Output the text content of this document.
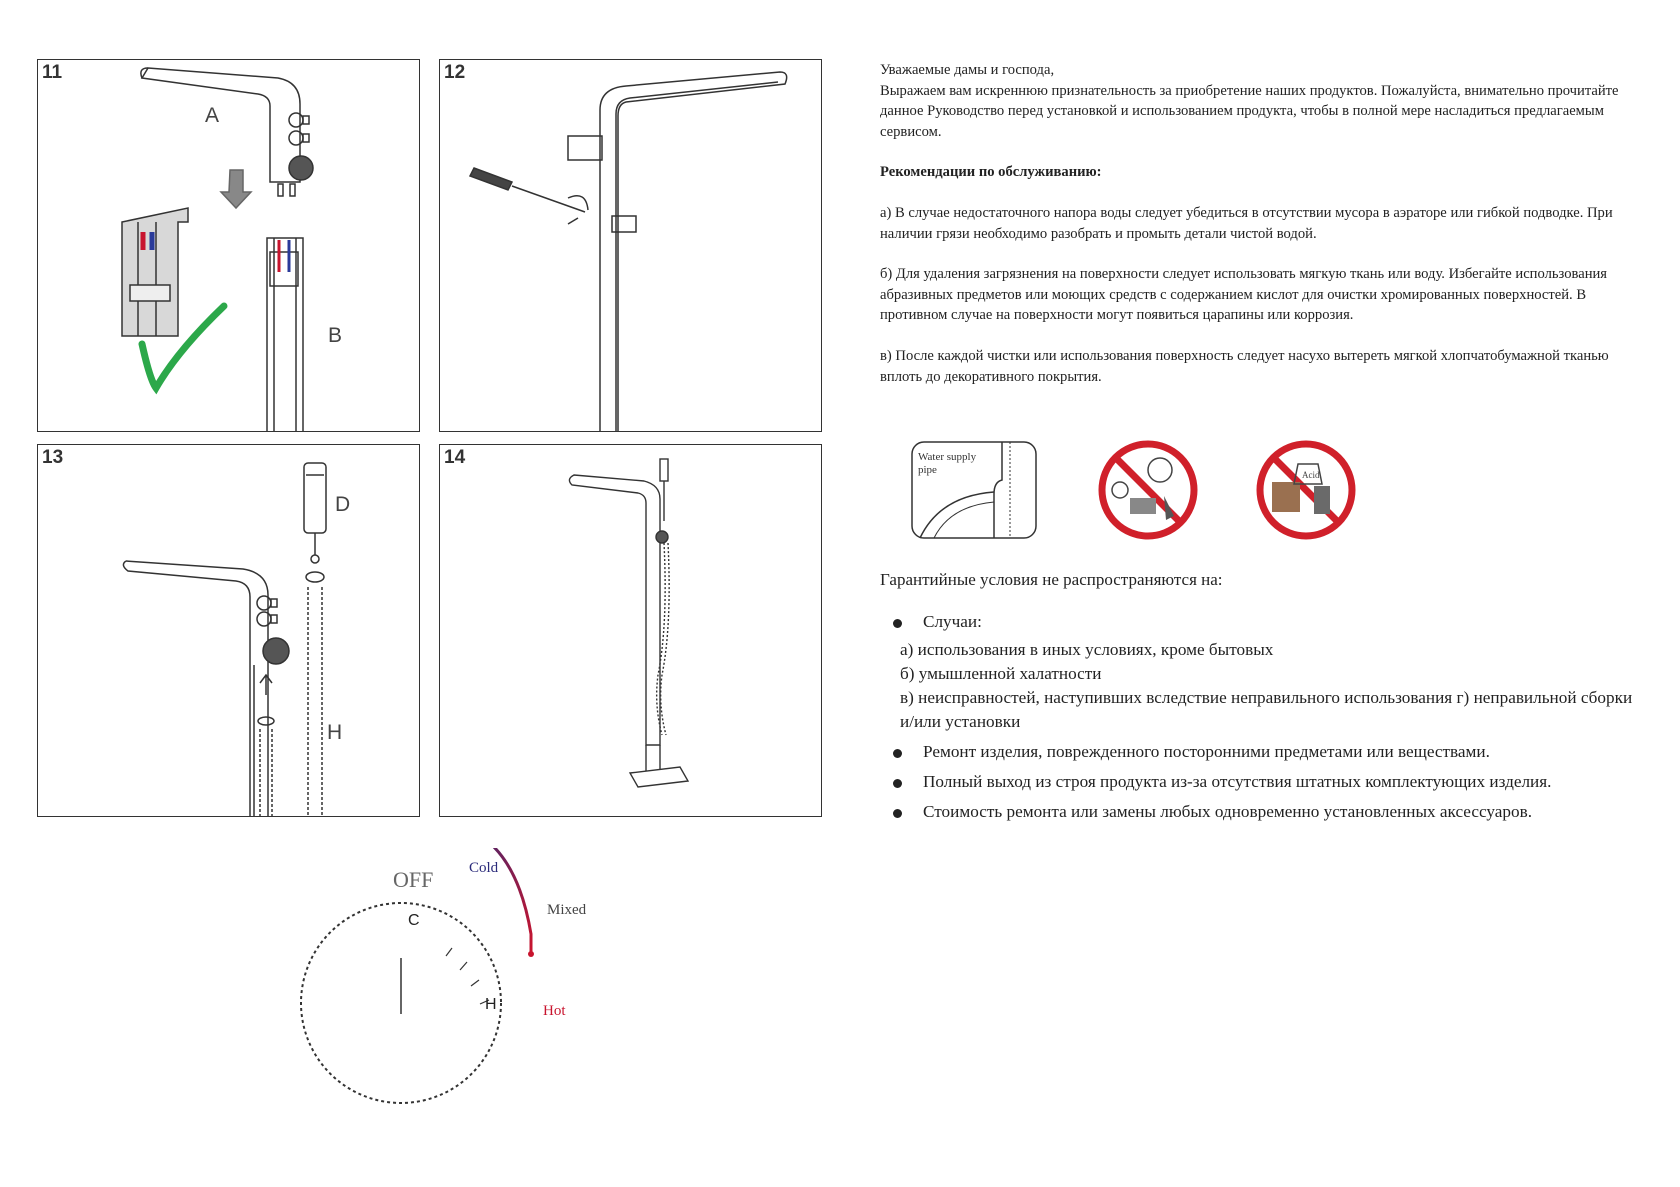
11
A
B
12
13
D
H
14
OFF Cold
Mixed
Hot
C
H

Уважаемые дамы и господа,

Выражаем вам искреннюю признательность за приобретение наших продуктов. Пожалуйста, внимательно прочитайте данное Руководство перед установкой и использованием продукта, чтобы в полной мере насладиться предлагаемым сервисом.

Рекомендации по обслуживанию:

а) В случае недостаточного напора воды следует убедиться в отсутствии мусора в аэраторе или гибкой подводке. При наличии грязи необходимо разобрать и промыть детали чистой водой.

б) Для удаления загрязнения на поверхности следует использовать мягкую ткань или воду. Избегайте использования абразивных предметов или моющих средств с содержанием кислот для очистки хромированных поверхностей. В противном случае на поверхности могут появиться царапины или коррозия.

в) После каждой чистки или использования поверхность следует насухо вытереть мягкой хлопчатобумажной тканью вплоть до декоративного покрытия.

Water supply
pipe	Acid
Гарантийные условия не распространяются на:
Случаи:
а) использования в иных условиях, кроме бытовых
б) умышленной халатности
в) неисправностей, наступивших вследствие неправильного использования г) неправильной сборки и/или установки
Ремонт изделия, поврежденного посторонними предметами или веществами.
Полный выход из строя продукта из-за отсутствия штатных комплектующих изделия.
Стоимость ремонта или замены любых одновременно установленных аксессуаров.
